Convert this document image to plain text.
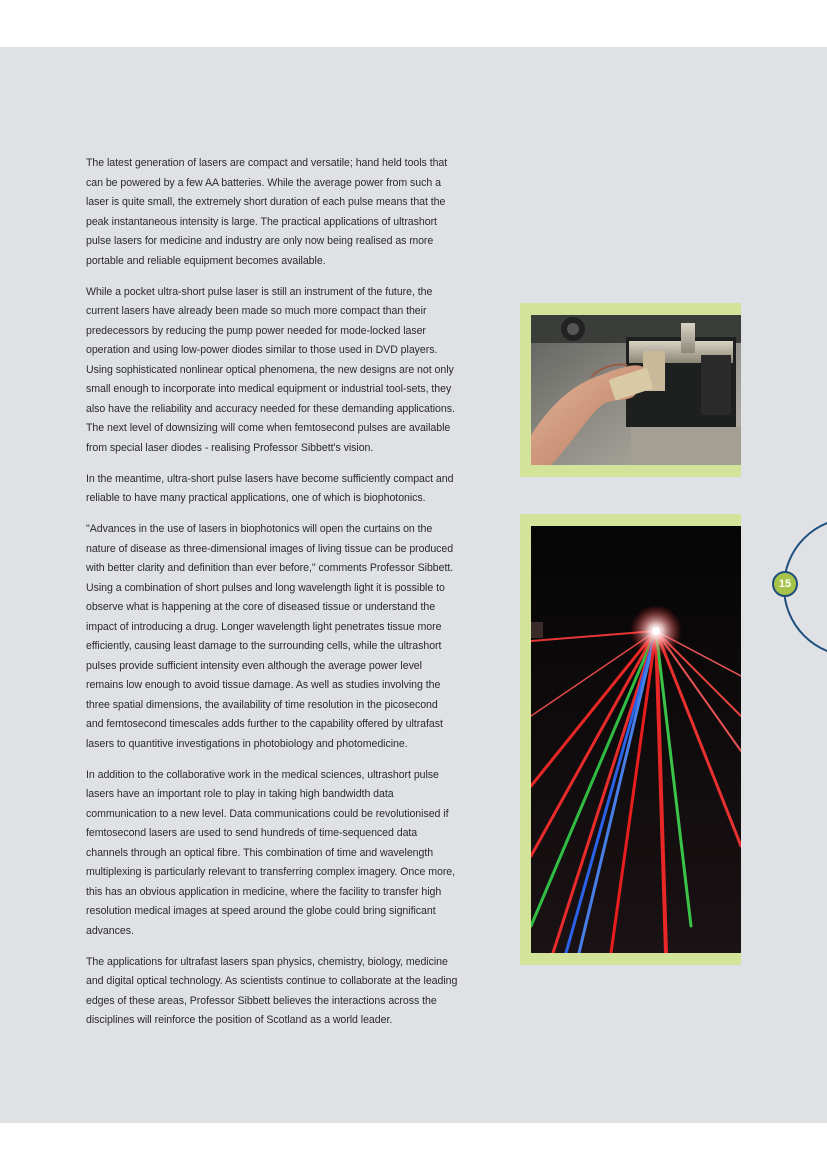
The latest generation of lasers are compact and versatile; hand held tools that can be powered by a few AA batteries. While the average power from such a laser is quite small, the extremely short duration of each pulse means that the peak instantaneous intensity is large. The practical applications of ultrashort pulse lasers for medicine and industry are only now being realised as more portable and reliable equipment becomes available.

While a pocket ultra-short pulse laser is still an instrument of the future, the current lasers have already been made so much more compact than their predecessors by reducing the pump power needed for mode-locked laser operation and using low-power diodes similar to those used in DVD players. Using sophisticated nonlinear optical phenomena, the new designs are not only small enough to incorporate into medical equipment or industrial tool-sets, they also have the reliability and accuracy needed for these demanding applications. The next level of downsizing will come when femtosecond pulses are available from special laser diodes - realising Professor Sibbett's vision.

In the meantime, ultra-short pulse lasers have become sufficiently compact and reliable to have many practical applications, one of which is biophotonics.

"Advances in the use of lasers in biophotonics will open the curtains on the nature of disease as three-dimensional images of living tissue can be produced with better clarity and definition than ever before," comments Professor Sibbett. Using a combination of short pulses and long wavelength light it is possible to observe what is happening at the core of diseased tissue or understand the impact of introducing a drug. Longer wavelength light penetrates tissue more efficiently, causing least damage to the surrounding cells, while the ultrashort pulses provide sufficient intensity even although the average power level remains low enough to avoid tissue damage. As well as studies involving the three spatial dimensions, the availability of time resolution in the picosecond and femtosecond timescales adds further to the capability offered by ultrafast lasers to quantitive investigations in photobiology and photomedicine.

In addition to the collaborative work in the medical sciences, ultrashort pulse lasers have an important role to play in taking high bandwidth data communication to a new level. Data communications could be revolutionised if femtosecond lasers are used to send hundreds of time-sequenced data channels through an optical fibre. This combination of time and wavelength multiplexing is particularly relevant to transferring complex imagery. Once more, this has an obvious application in medicine, where the facility to transfer high resolution medical images at speed around the globe could bring significant advances.

The applications for ultrafast lasers span physics, chemistry, biology, medicine and digital optical technology. As scientists continue to collaborate at the leading edges of these areas, Professor Sibbett believes the interactions across the disciplines will reinforce the position of Scotland as a world leader.

15
